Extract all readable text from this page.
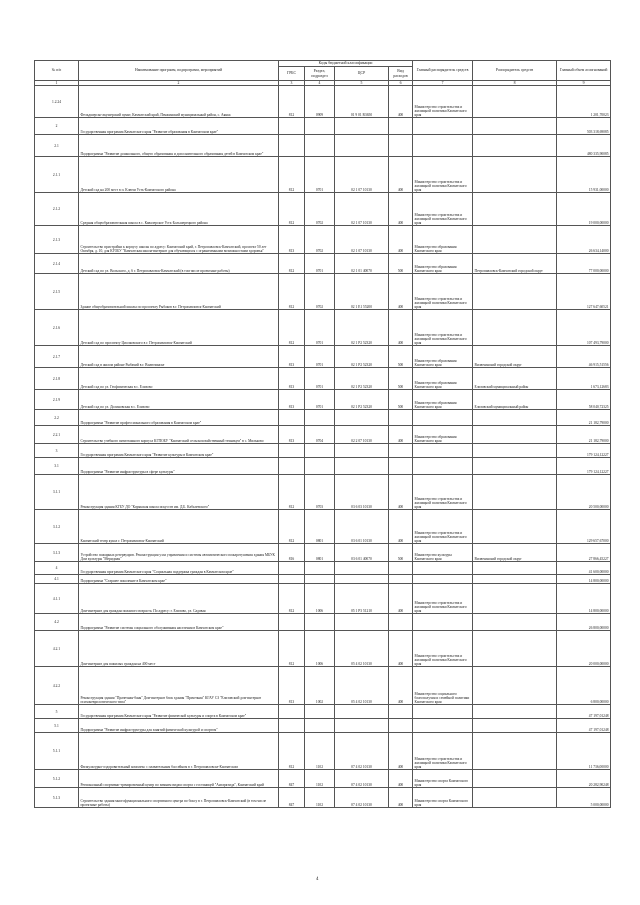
№ п/п	Наименование программ, подпрограмм, мероприятий	Коды бюджетной классификации				Главный распорядитель средств	Распорядитель средств	Главный объем ассигнований
		ГРБС	Раздел, подраздел	ЦСР	Вид расходов			
1	2	3	4	5	6	7	8	9
1.2.24	Фельдшерско-акушерский пункт, Камчатский край, Пенжинский муниципальный район, с. Аянка	812	0909	01 9 01 R3650	400	Министерство строительства и жилищной политики Камчатского края		1 201,70023
2	Государственная программа Камчатского края "Развитие образования в Камчатском крае"							503 318,69085
2.1	Подпрограмма "Развитие дошкольного, общего образования и дополнительного образования детей в Камчатском крае"							480 335,90085
2.1.1	Детский сад на 200 мест в п. Ключи Усть-Камчатского района	812	0701	02 1 07 10130	400	Министерство строительства и жилищной политики Камчатского края		15 931,00000
2.1.2	Средняя общеобразовательная школа в с. Кавалерское Усть-Большерецкого района	812	0702	02 1 07 10130	400	Министерство строительства и жилищной политики Камчатского края		19 000,00000
2.1.3	Строительство пристройки к корпусу школы по адресу: Камчатский край, г. Петропавловск-Камчатский, проспект 50 лет Октября, д. 10, для КГОБУ "Камчатская школа-интернат для обучающихся с ограниченными возможностями здоровья"	813	0702	02 1 07 10130	400	Министерство образования Камчатского края		26 634,14000
2.1.4	Детский сад по ул. Вольского, д. 6 г. Петропавловск-Камчатский (в том числе проектные работы)	812	0701	02 1 01 40070	500	Министерство образования Камчатского края	Петропавловск-Камчатский городской округ	77 000,00000
2.1.5	Здание общеобразовательной школы по проспекту Рыбаков в г. Петропавловск-Камчатский	812	0702	02 1 E1 55200	400	Министерство строительства и жилищной политики Камчатского края		127 647,60521
2.1.6	Детский сад по проспекту Циолковского в г. Петропавловск-Камчатский	812	0701	02 1 P2 52320	400	Министерство строительства и жилищной политики Камчатского края		107 493,79000
2.1.7	Детский сад в жилом районе Рыбачий в г. Вилючинске	813	0701	02 1 P2 52320	500	Министерство образования Камчатского края	Вилючинский городской округ	46 915,51556
2.1.8	Детский сад по ул. Геофизическая в с. Елизово	813	0701	02 1 P2 52320	500	Министерство образования Камчатского края	Елизовский муниципальный район	1 673,12683
2.1.9	Детский сад по ул. Долиновская в с. Елизово	813	0701	02 1 P2 52320	500	Министерство образования Камчатского края	Елизовский муниципальный район	58 040,72325
2.2	Подпрограмма "Развитие профессионального образования в Камчатском крае"							21 182,79000
2.2.1	Строительство учебного пятиэтажного корпуса КГПОБУ "Камчатский сельскохозяйственный техникум" в с. Мильково	813	0704	02 2 07 10130	400	Министерство образования Камчатского края		21 182,79000
3	Государственная программа Камчатского края "Развитие культуры в Камчатском крае"							179 124,12227
3.1	Подпрограмма "Развитие инфраструктуры в сфере культуры"							179 124,12227
3.1.1	Реконструкция здания КГБУ ДО "Корякская школа искусств им. Д.Б. Кабалевского"	812	0703	03 6 03 10130	400	Министерство строительства и жилищной политики Камчатского края		20 500,00000
3.1.2	Камчатский театр кукол г. Петропавловск-Камчатский	812	0801	03 6 01 10130	400	Министерство строительства и жилищной политики Камчатского края		129 657,67000
3.1.3	Устройство пожарных резервуаров. Реконструкция узла управления и системы автоматического пожаротушения здания МБУК Дом культуры "Меридиан"	816	0801	03 6 01 40070	500	Министерство культуры Камчатского края	Вилючинский городской округ	27 866,45227
4	Государственная программа Камчатского края "Социальная поддержка граждан в Камчатском крае"							41 600,00000
4.1	Подпрограмма "Старшее поколение в Камчатском крае"							14 800,00000
4.1.1	Дом-интернат для граждан пожилого возраста. По адресу: г. Елизово, ул. Садовая	812	1006	05 1 P3 51210	400	Министерство строительства и жилищной политики Камчатского края		14 800,00000
4.2	Подпрограмма "Развитие системы социального обслуживания населения в Камчатском крае"							26 800,00000
4.2.1	Дом-интернат для пожилых граждан на 400 мест	812	1006	05 4 02 10130	400	Министерство строительства и жилищной политики Камчатского края		20 000,00000
4.2.2	Реконструкция здания "Прачечная-баня" Дом-интернат блок здания "Прачечная" КГАУ СЗ "Елизовский дом-интернат психоневрологического типа"	813	1002	05 4 02 10130	400	Министерство социального благополучия и семейной политики Камчатского края		6 800,00000
5	Государственная программа Камчатского края "Развитие физической культуры и спорта в Камчатском крае"							47 197,01248
5.1	Подпрограмма "Развитие инфраструктуры для занятий физической культурой и спортом"							47 197,01248
5.1.1	Физкультурно-оздоровительный комплекс с плавательным бассейном в г. Петропавловске-Камчатском	812	1102	07 4 02 10130	400	Министерство строительства и жилищной политики Камчатского края		11 736,00000
5.1.2	Региональный спортивно-тренировочный центр по зимним видам спорта с гостиницей "Антарктида", Камчатский край	847	1102	07 4 02 10130	400	Министерство спорта Камчатского края		20 282,90248
5.1.3	Строительство здания многофункционального спортивного центра по боксу в г. Петропавловск-Камчатский (в том числе проектные работы)	847	1102	07 4 02 10130	400	Министерство спорта Камчатского края		5 000,00000
4
